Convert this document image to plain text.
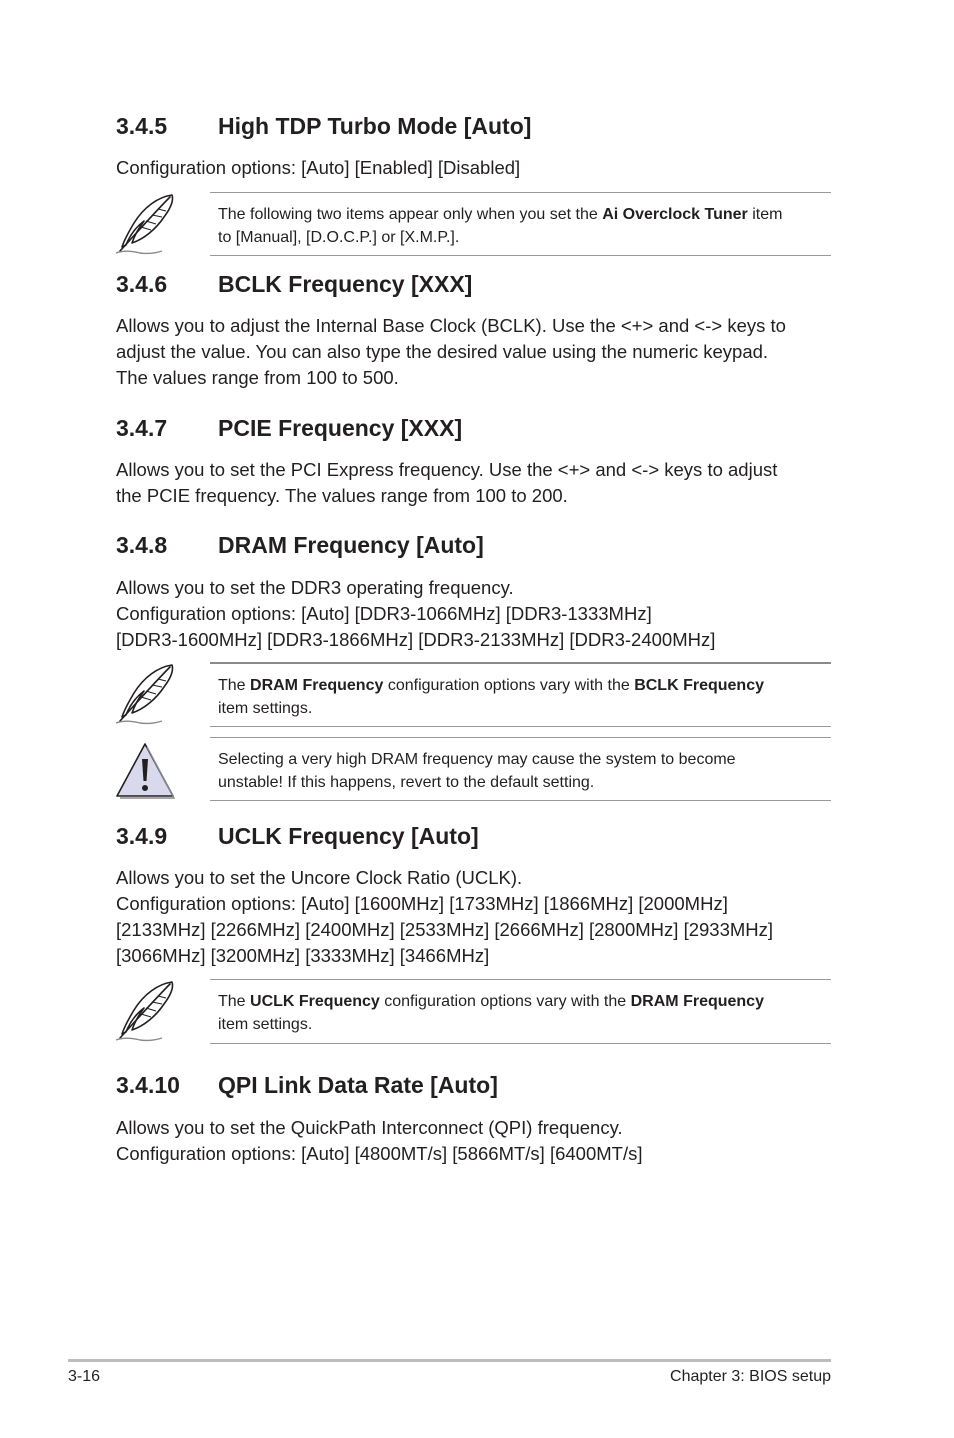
3.4.5 High TDP Turbo Mode [Auto]
Configuration options: [Auto] [Enabled] [Disabled]
The following two items appear only when you set the Ai Overclock Tuner item
to [Manual], [D.O.C.P.] or [X.M.P.].
3.4.6 BCLK Frequency [XXX]
Allows you to adjust the Internal Base Clock (BCLK). Use the <+> and <-> keys to
adjust the value. You can also type the desired value using the numeric keypad.
The values range from 100 to 500.
3.4.7 PCIE Frequency [XXX]
Allows you to set the PCI Express frequency. Use the <+> and <-> keys to adjust
the PCIE frequency. The values range from 100 to 200.
3.4.8 DRAM Frequency [Auto]
Allows you to set the DDR3 operating frequency.
Configuration options: [Auto] [DDR3-1066MHz] [DDR3-1333MHz]
[DDR3-1600MHz] [DDR3-1866MHz] [DDR3-2133MHz] [DDR3-2400MHz]
The DRAM Frequency configuration options vary with the BCLK Frequency
item settings.
Selecting a very high DRAM frequency may cause the system to become
unstable! If this happens, revert to the default setting.
3.4.9 UCLK Frequency [Auto]
Allows you to set the Uncore Clock Ratio (UCLK).
Configuration options: [Auto] [1600MHz] [1733MHz] [1866MHz] [2000MHz]
[2133MHz] [2266MHz] [2400MHz] [2533MHz] [2666MHz] [2800MHz] [2933MHz]
[3066MHz] [3200MHz] [3333MHz] [3466MHz]
The UCLK Frequency configuration options vary with the DRAM Frequency
item settings.
3.4.10 QPI Link Data Rate [Auto]
Allows you to set the QuickPath Interconnect (QPI) frequency.
Configuration options: [Auto] [4800MT/s] [5866MT/s] [6400MT/s]
3-16	Chapter 3: BIOS setup
